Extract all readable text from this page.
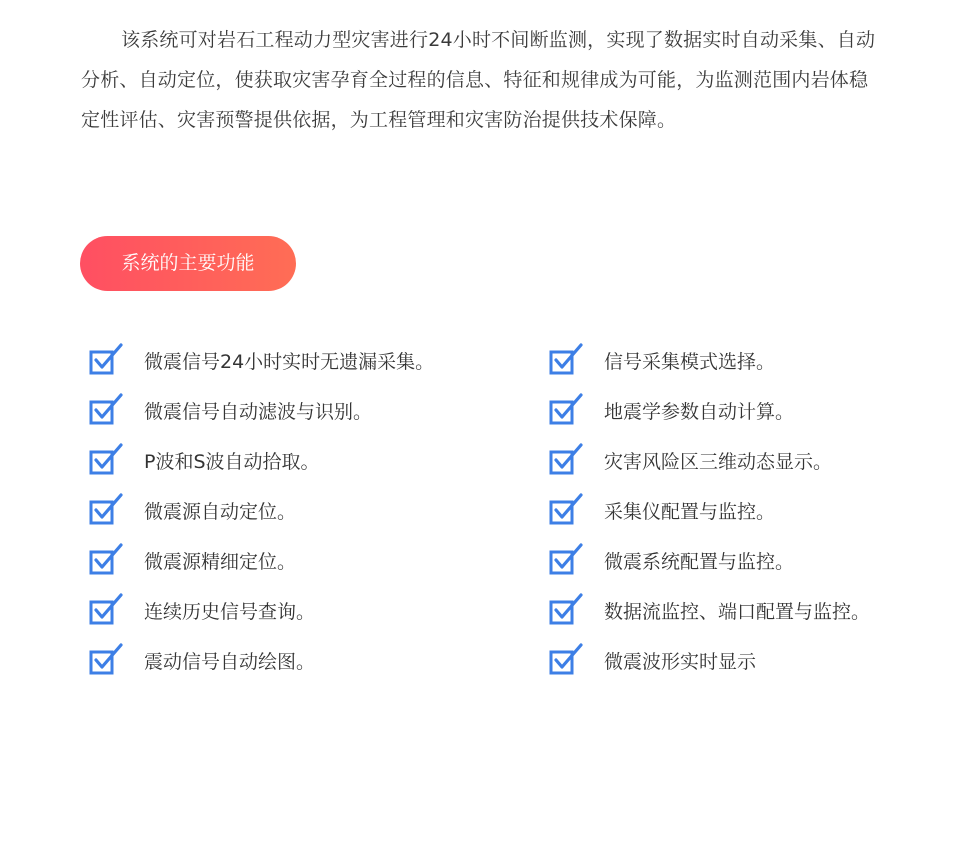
该系统可对岩石工程动力型灾害进行24小时不间断监测，实现了数据实时自动采集、自动分析、自动定位，使获取灾害孕育全过程的信息、特征和规律成为可能，为监测范围内岩体稳定性评估、灾害预警提供依据，为工程管理和灾害防治提供技术保障。

系统的主要功能
微震信号24小时实时无遗漏采集。
微震信号自动滤波与识别。
P波和S波自动拾取。
微震源自动定位。
微震源精细定位。
连续历史信号查询。
震动信号自动绘图。
信号采集模式选择。
地震学参数自动计算。
灾害风险区三维动态显示。
采集仪配置与监控。
微震系统配置与监控。
数据流监控、端口配置与监控。
微震波形实时显示
